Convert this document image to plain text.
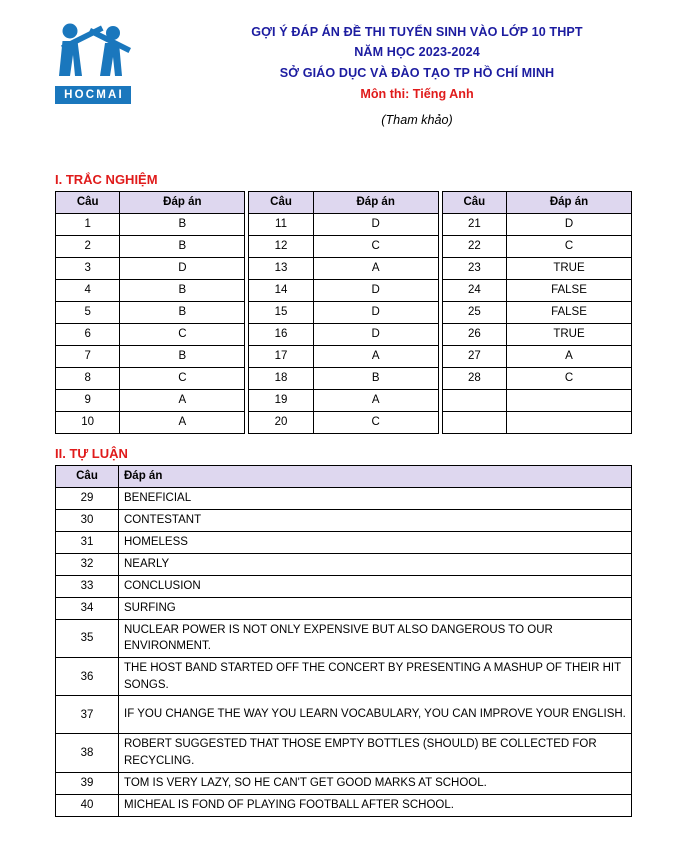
HOCMAI
GỢI Ý ĐÁP ÁN ĐỀ THI TUYỂN SINH VÀO LỚP 10 THPT
NĂM HỌC 2023-2024
SỞ GIÁO DỤC VÀ ĐÀO TẠO TP HỒ CHÍ MINH
Môn thi: Tiếng Anh
(Tham khảo)
I. TRẮC NGHIỆM
Câu	Đáp án
1	B
2	B
3	D
4	B
5	B
6	C
7	B
8	C
9	A
10	A
Câu	Đáp án
11	D
12	C
13	A
14	D
15	D
16	D
17	A
18	B
19	A
20	C
Câu	Đáp án
21	D
22	C
23	TRUE
24	FALSE
25	FALSE
26	TRUE
27	A
28	C

II. TỰ LUẬN
Câu	Đáp án
29	BENEFICIAL
30	CONTESTANT
31	HOMELESS
32	NEARLY
33	CONCLUSION
34	SURFING
35	NUCLEAR POWER IS NOT ONLY EXPENSIVE BUT ALSO DANGEROUS TO OUR ENVIRONMENT.
36	THE HOST BAND STARTED OFF THE CONCERT BY PRESENTING A MASHUP OF THEIR HIT SONGS.
37	IF YOU CHANGE THE WAY YOU LEARN VOCABULARY, YOU CAN IMPROVE YOUR ENGLISH.
38	ROBERT SUGGESTED THAT THOSE EMPTY BOTTLES (SHOULD) BE COLLECTED FOR RECYCLING.
39	TOM IS VERY LAZY, SO HE CAN'T GET GOOD MARKS AT SCHOOL.
40	MICHEAL IS FOND OF PLAYING FOOTBALL AFTER SCHOOL.
